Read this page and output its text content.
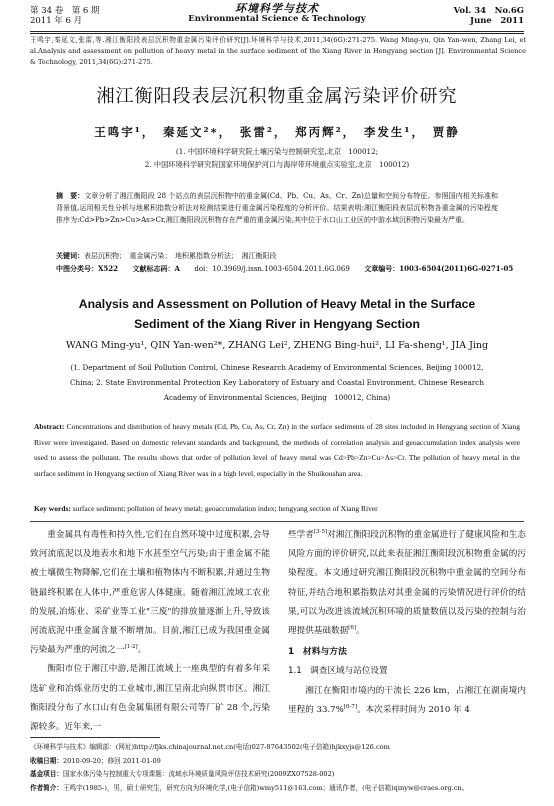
第 34 卷　第 6 期
2011 年 6 月
环境科学与技术
Environmental Science & Technology
Vol. 34　No.6G
June　2011
王鸣宇,秦延文,张雷,等.湘江衡阳段表层沉积物重金属污染评价研究[J].环境科学与技术,2011,34(6G):271-275. Wang Ming-yu, Qin Yan-wen, Zhang Lei, et al.Analysis and assessment on pollution of heavy metal in the surface sediment of the Xiang River in Hengyang section [J]. Environmental Science & Technology, 2011,34(6G):271-275.
湘江衡阳段表层沉积物重金属污染评价研究
王鸣宇¹，　秦延文²*，　张雷²，　郑丙辉²，　李发生¹，　贾静
(1. 中国环境科学研究院土壤污染与控制研究室,北京　100012;
2. 中国环境科学研究院国家环境保护河口与海岸带环境重点实验室,北京　100012)
摘　要：文章分析了湘江衡阳段 28 个站点的表层沉积物中的重金属(Cd、Pb、Cu、As、Cr、Zn)总量和空间分布特征。参照国内相关标准和背景值,运用相关性分析与地累积指数分析法对检测结果进行重金属污染程度的分析评价。结果表明:湘江衡阳段表层沉积物各重金属的污染程度排序为:Cd>Pb>Zn>Cu>As>Cr,湘江衡阳段沉积物存在严重的重金属污染,其中位于水口山工业区的中游水域沉积物污染最为严重。
关键词：表层沉积物；　重金属污染；　地积累指数分析法；　湘江衡阳段
中图分类号：X522 文献标志码：A doi：10.3969/j.issn.1003-6504.2011.6G.069 文章编号：1003-6504(2011)6G-0271-05
Analysis and Assessment on Pollution of Heavy Metal in the Surface
Sediment of the Xiang River in Hengyang Section
WANG Ming-yu¹, QIN Yan-wen²*, ZHANG Lei², ZHENG Bing-hui², LI Fa-sheng¹, JIA Jing
(1. Department of Soil Pollution Control, Chinese Research Academy of Environmental Sciences, Beijing 100012, China; 2. State Environmental Protection Key Laboratory of Estuary and Coastal Environment, Chinese Research Academy of Environmental Sciences, Beijing　100012, China)
Abstract: Concentrations and distribution of heavy metals (Cd, Pb, Cu, As, Cr, Zn) in the surface sediments of 28 sites included in Hengyang section of Xiang River were investigated. Based on domestic relevant standards and background, the methods of correlation analysis and geoaccumulation index analysis were used to assess the pollutant. The results shows that order of pollution level of heavy metal was Cd>Pb>Zn>Cu>As>Cr. The pollution of heavy metal in the surface sediment in Hengyang section of Xiang River was in a high level, especially in the Shuikoushan area.
Key words: surface sediment; pollution of heavy metal; geoaccumulation index; hengyang section of Xiang River

重金属具有毒性和持久性,它们在自然环境中过度积累,会导致河流底泥以及地表水和地下水甚至空气污染;由于重金属不能被土壤微生物降解,它们在土壤和植物体内不断积累,并通过生物链最终积累在人体中,严重危害人体健康。随着湘江流域工农业的发展,冶炼业、采矿业等工业"三废"的排放量逐渐上升,导致该河流底泥中重金属含量不断增加。目前,湘江已成为我国重金属污染最为严重的河流之一[1-2]。

衡阳市位于湘江中游,是湘江流域上一座典型的有着多年采选矿业和冶炼业历史的工业城市,湘江呈南北向纵贯市区。湘江衡阳段分布了水口山有色金属集团有限公司等厂矿 28 个,污染源较多。近年来,一

些学者[3-5]对湘江衡阳段沉积物的重金属进行了健康风险和生态风险方面的评价研究,以此来表征湘江衡阳段沉积物重金属的污染程度。本文通过研究湘江衡阳段沉积物中重金属的空间分布特征,并结合地积累指数法对其重金属的污染情况进行评价的结果,可以为改进该流域沉积环境的质量数值以及污染的控制与治理提供基础数据[6]。

1　材料与方法

1.1　调查区域与站位设置

湘江在衡阳市境内的干流长 226 km，占湘江在湖南境内里程的 33.7%[6-7]。本次采样时间为 2010 年 4

《环境科学与技术》编辑部：(网址)http://fjks.chinajournal.net.cn(电话)027-87643502(电子信箱)hjkxyjs@126.com
收稿日期：2010-09-20；修回 2011-01-09
基金项目：国家水体污染与控制重大专项课题：流域水环境质量风险评估技术研究(2009ZX07528-002)
作者简介：王鸣宇(1985-)，男，硕士研究生，研究方向为环境化学,(电子信箱)wmy511@163.com；通讯作者，(电子信箱)qinyw@craes.org.cn。
